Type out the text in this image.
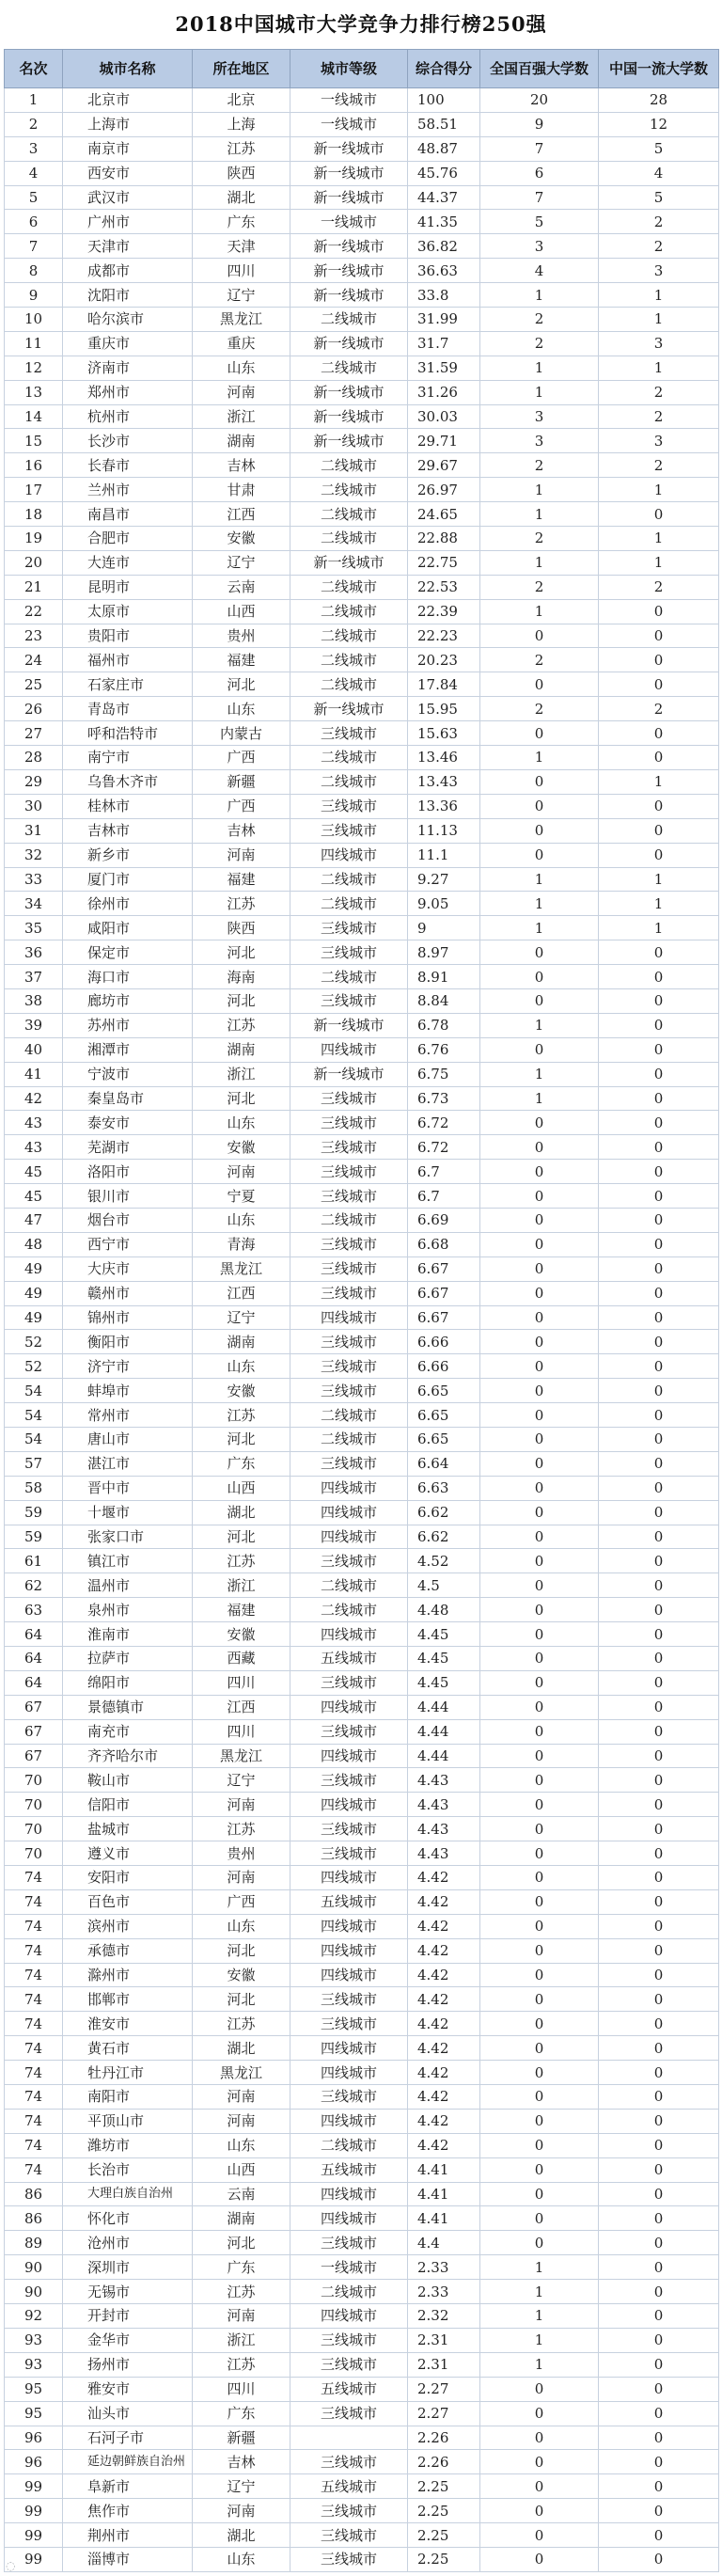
2018中国城市大学竞争力排行榜250强
名次	城市名称	所在地区	城市等级	综合得分	全国百强大学数	中国一流大学数
1	北京市	北京	一线城市	100	20	28
2	上海市	上海	一线城市	58.51	9	12
3	南京市	江苏	新一线城市	48.87	7	5
4	西安市	陕西	新一线城市	45.76	6	4
5	武汉市	湖北	新一线城市	44.37	7	5
6	广州市	广东	一线城市	41.35	5	2
7	天津市	天津	新一线城市	36.82	3	2
8	成都市	四川	新一线城市	36.63	4	3
9	沈阳市	辽宁	新一线城市	33.8	1	1
10	哈尔滨市	黑龙江	二线城市	31.99	2	1
11	重庆市	重庆	新一线城市	31.7	2	3
12	济南市	山东	二线城市	31.59	1	1
13	郑州市	河南	新一线城市	31.26	1	2
14	杭州市	浙江	新一线城市	30.03	3	2
15	长沙市	湖南	新一线城市	29.71	3	3
16	长春市	吉林	二线城市	29.67	2	2
17	兰州市	甘肃	二线城市	26.97	1	1
18	南昌市	江西	二线城市	24.65	1	0
19	合肥市	安徽	二线城市	22.88	2	1
20	大连市	辽宁	新一线城市	22.75	1	1
21	昆明市	云南	二线城市	22.53	2	2
22	太原市	山西	二线城市	22.39	1	0
23	贵阳市	贵州	二线城市	22.23	0	0
24	福州市	福建	二线城市	20.23	2	0
25	石家庄市	河北	二线城市	17.84	0	0
26	青岛市	山东	新一线城市	15.95	2	2
27	呼和浩特市	内蒙古	三线城市	15.63	0	0
28	南宁市	广西	二线城市	13.46	1	0
29	乌鲁木齐市	新疆	二线城市	13.43	0	1
30	桂林市	广西	三线城市	13.36	0	0
31	吉林市	吉林	三线城市	11.13	0	0
32	新乡市	河南	四线城市	11.1	0	0
33	厦门市	福建	二线城市	9.27	1	1
34	徐州市	江苏	二线城市	9.05	1	1
35	咸阳市	陕西	三线城市	9	1	1
36	保定市	河北	三线城市	8.97	0	0
37	海口市	海南	二线城市	8.91	0	0
38	廊坊市	河北	三线城市	8.84	0	0
39	苏州市	江苏	新一线城市	6.78	1	0
40	湘潭市	湖南	四线城市	6.76	0	0
41	宁波市	浙江	新一线城市	6.75	1	0
42	秦皇岛市	河北	三线城市	6.73	1	0
43	泰安市	山东	三线城市	6.72	0	0
43	芜湖市	安徽	三线城市	6.72	0	0
45	洛阳市	河南	三线城市	6.7	0	0
45	银川市	宁夏	三线城市	6.7	0	0
47	烟台市	山东	二线城市	6.69	0	0
48	西宁市	青海	三线城市	6.68	0	0
49	大庆市	黑龙江	三线城市	6.67	0	0
49	赣州市	江西	三线城市	6.67	0	0
49	锦州市	辽宁	四线城市	6.67	0	0
52	衡阳市	湖南	三线城市	6.66	0	0
52	济宁市	山东	三线城市	6.66	0	0
54	蚌埠市	安徽	三线城市	6.65	0	0
54	常州市	江苏	二线城市	6.65	0	0
54	唐山市	河北	二线城市	6.65	0	0
57	湛江市	广东	三线城市	6.64	0	0
58	晋中市	山西	四线城市	6.63	0	0
59	十堰市	湖北	四线城市	6.62	0	0
59	张家口市	河北	四线城市	6.62	0	0
61	镇江市	江苏	三线城市	4.52	0	0
62	温州市	浙江	二线城市	4.5	0	0
63	泉州市	福建	二线城市	4.48	0	0
64	淮南市	安徽	四线城市	4.45	0	0
64	拉萨市	西藏	五线城市	4.45	0	0
64	绵阳市	四川	三线城市	4.45	0	0
67	景德镇市	江西	四线城市	4.44	0	0
67	南充市	四川	三线城市	4.44	0	0
67	齐齐哈尔市	黑龙江	四线城市	4.44	0	0
70	鞍山市	辽宁	三线城市	4.43	0	0
70	信阳市	河南	四线城市	4.43	0	0
70	盐城市	江苏	三线城市	4.43	0	0
70	遵义市	贵州	三线城市	4.43	0	0
74	安阳市	河南	四线城市	4.42	0	0
74	百色市	广西	五线城市	4.42	0	0
74	滨州市	山东	四线城市	4.42	0	0
74	承德市	河北	四线城市	4.42	0	0
74	滁州市	安徽	四线城市	4.42	0	0
74	邯郸市	河北	三线城市	4.42	0	0
74	淮安市	江苏	三线城市	4.42	0	0
74	黄石市	湖北	四线城市	4.42	0	0
74	牡丹江市	黑龙江	四线城市	4.42	0	0
74	南阳市	河南	三线城市	4.42	0	0
74	平顶山市	河南	四线城市	4.42	0	0
74	潍坊市	山东	二线城市	4.42	0	0
74	长治市	山西	五线城市	4.41	0	0
86	大理白族自治州	云南	四线城市	4.41	0	0
86	怀化市	湖南	四线城市	4.41	0	0
89	沧州市	河北	三线城市	4.4	0	0
90	深圳市	广东	一线城市	2.33	1	0
90	无锡市	江苏	二线城市	2.33	1	0
92	开封市	河南	四线城市	2.32	1	0
93	金华市	浙江	三线城市	2.31	1	0
93	扬州市	江苏	三线城市	2.31	1	0
95	雅安市	四川	五线城市	2.27	0	0
95	汕头市	广东	三线城市	2.27	0	0
96	石河子市	新疆		2.26	0	0
96	延边朝鲜族自治州	吉林	三线城市	2.26	0	0
99	阜新市	辽宁	五线城市	2.25	0	0
99	焦作市	河南	三线城市	2.25	0	0
99	荆州市	湖北	三线城市	2.25	0	0
99	淄博市	山东	三线城市	2.25	0	0
◌
